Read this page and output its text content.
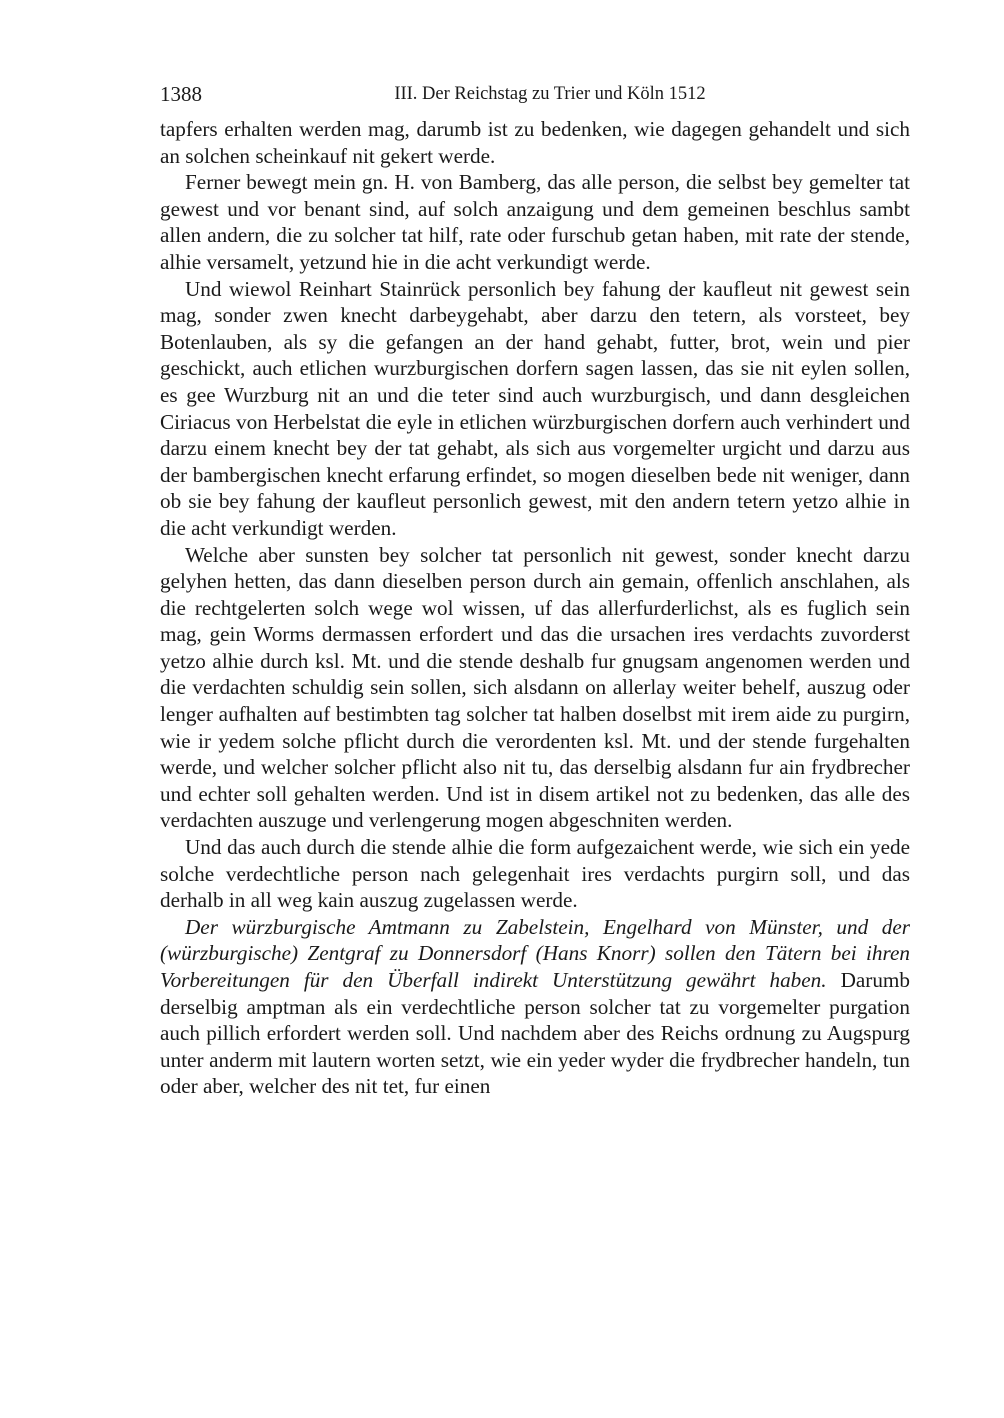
1388	III. Der Reichstag zu Trier und Köln 1512

tapfers erhalten werden mag, darumb ist zu bedenken, wie dagegen gehandelt und sich an solchen scheinkauf nit gekert werde.

Ferner bewegt mein gn. H. von Bamberg, das alle person, die selbst bey gemelter tat gewest und vor benant sind, auf solch anzaigung und dem gemeinen beschlus sambt allen andern, die zu solcher tat hilf, rate oder furschub getan haben, mit rate der stende, alhie versamelt, yetzund hie in die acht verkundigt werde.

Und wiewol Reinhart Stainrück personlich bey fahung der kaufleut nit gewest sein mag, sonder zwen knecht darbeygehabt, aber darzu den tetern, als vorsteet, bey Botenlauben, als sy die gefangen an der hand gehabt, futter, brot, wein und pier geschickt, auch etlichen wurzburgischen dorfern sagen lassen, das sie nit eylen sollen, es gee Wurzburg nit an und die teter sind auch wurzburgisch, und dann desgleichen Ciriacus von Herbelstat die eyle in etlichen würzburgischen dorfern auch verhindert und darzu einem knecht bey der tat gehabt, als sich aus vorgemelter urgicht und darzu aus der bambergischen knecht erfarung erfindet, so mogen dieselben bede nit weniger, dann ob sie bey fahung der kaufleut personlich gewest, mit den andern tetern yetzo alhie in die acht verkundigt werden.

Welche aber sunsten bey solcher tat personlich nit gewest, sonder knecht darzu gelyhen hetten, das dann dieselben person durch ain gemain, offenlich anschlahen, als die rechtgelerten solch wege wol wissen, uf das allerfurderlichst, als es fuglich sein mag, gein Worms dermassen erfordert und das die ursachen ires verdachts zuvorderst yetzo alhie durch ksl. Mt. und die stende deshalb fur gnugsam angenomen werden und die verdachten schuldig sein sollen, sich alsdann on allerlay weiter behelf, auszug oder lenger aufhalten auf bestimbten tag solcher tat halben doselbst mit irem aide zu purgirn, wie ir yedem solche pflicht durch die verordenten ksl. Mt. und der stende furgehalten werde, und welcher solcher pflicht also nit tu, das derselbig alsdann fur ain frydbrecher und echter soll gehalten werden. Und ist in disem artikel not zu bedenken, das alle des verdachten auszuge und verlengerung mogen abgeschniten werden.

Und das auch durch die stende alhie die form aufgezaichent werde, wie sich ein yede solche verdechtliche person nach gelegenhait ires verdachts purgirn soll, und das derhalb in all weg kain auszug zugelassen werde.

Der würzburgische Amtmann zu Zabelstein, Engelhard von Münster, und der (würzburgische) Zentgraf zu Donnersdorf (Hans Knorr) sollen den Tätern bei ihren Vorbereitungen für den Überfall indirekt Unterstützung gewährt haben. Darumb derselbig amptman als ein verdechtliche person solcher tat zu vorgemelter purgation auch pillich erfordert werden soll. Und nachdem aber des Reichs ordnung zu Augspurg unter anderm mit lautern worten setzt, wie ein yeder wyder die frydbrecher handeln, tun oder aber, welcher des nit tet, fur einen
